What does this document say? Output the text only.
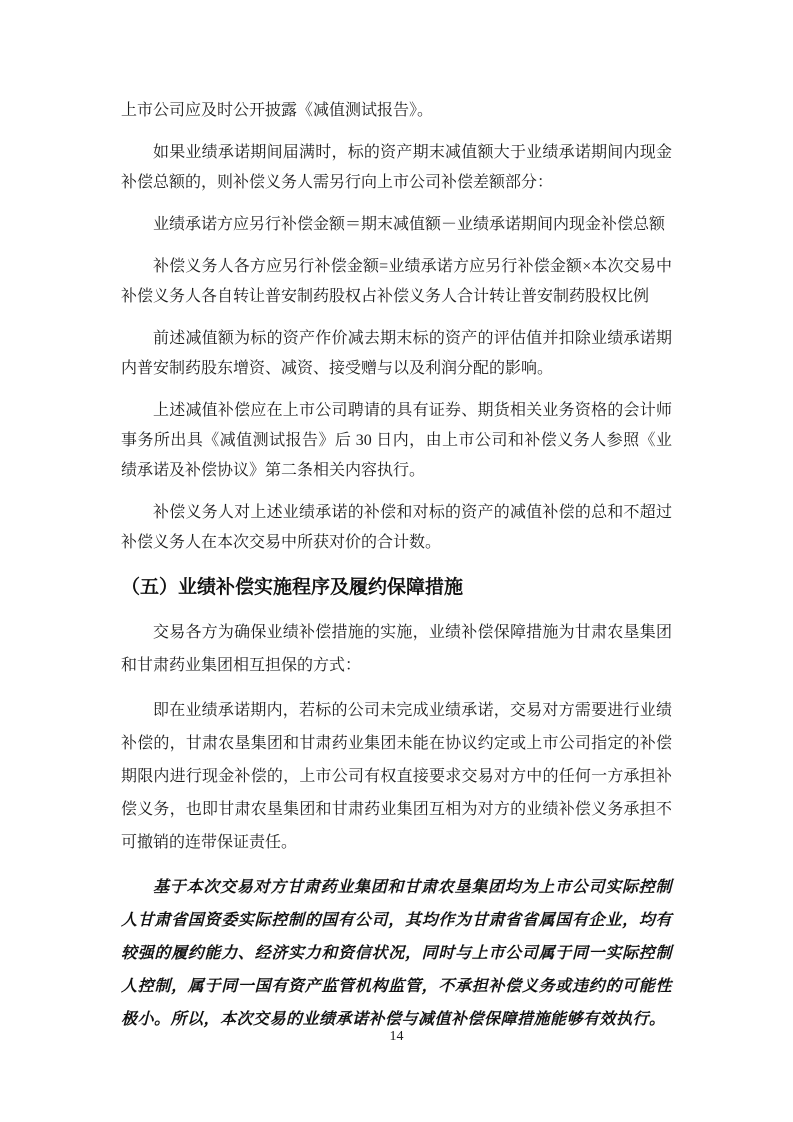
上市公司应及时公开披露《减值测试报告》。

如果业绩承诺期间届满时，标的资产期末减值额大于业绩承诺期间内现金补偿总额的，则补偿义务人需另行向上市公司补偿差额部分：

业绩承诺方应另行补偿金额＝期末减值额－业绩承诺期间内现金补偿总额

补偿义务人各方应另行补偿金额=业绩承诺方应另行补偿金额×本次交易中补偿义务人各自转让普安制药股权占补偿义务人合计转让普安制药股权比例

前述减值额为标的资产作价减去期末标的资产的评估值并扣除业绩承诺期内普安制药股东增资、减资、接受赠与以及利润分配的影响。

上述减值补偿应在上市公司聘请的具有证券、期货相关业务资格的会计师事务所出具《减值测试报告》后 30 日内，由上市公司和补偿义务人参照《业绩承诺及补偿协议》第二条相关内容执行。

补偿义务人对上述业绩承诺的补偿和对标的资产的减值补偿的总和不超过补偿义务人在本次交易中所获对价的合计数。

（五）业绩补偿实施程序及履约保障措施

交易各方为确保业绩补偿措施的实施，业绩补偿保障措施为甘肃农垦集团和甘肃药业集团相互担保的方式：

即在业绩承诺期内，若标的公司未完成业绩承诺，交易对方需要进行业绩补偿的，甘肃农垦集团和甘肃药业集团未能在协议约定或上市公司指定的补偿期限内进行现金补偿的，上市公司有权直接要求交易对方中的任何一方承担补偿义务，也即甘肃农垦集团和甘肃药业集团互相为对方的业绩补偿义务承担不可撤销的连带保证责任。

基于本次交易对方甘肃药业集团和甘肃农垦集团均为上市公司实际控制人甘肃省国资委实际控制的国有公司，其均作为甘肃省省属国有企业，均有较强的履约能力、经济实力和资信状况，同时与上市公司属于同一实际控制人控制，属于同一国有资产监管机构监管，不承担补偿义务或违约的可能性极小。所以，本次交易的业绩承诺补偿与减值补偿保障措施能够有效执行。

14
